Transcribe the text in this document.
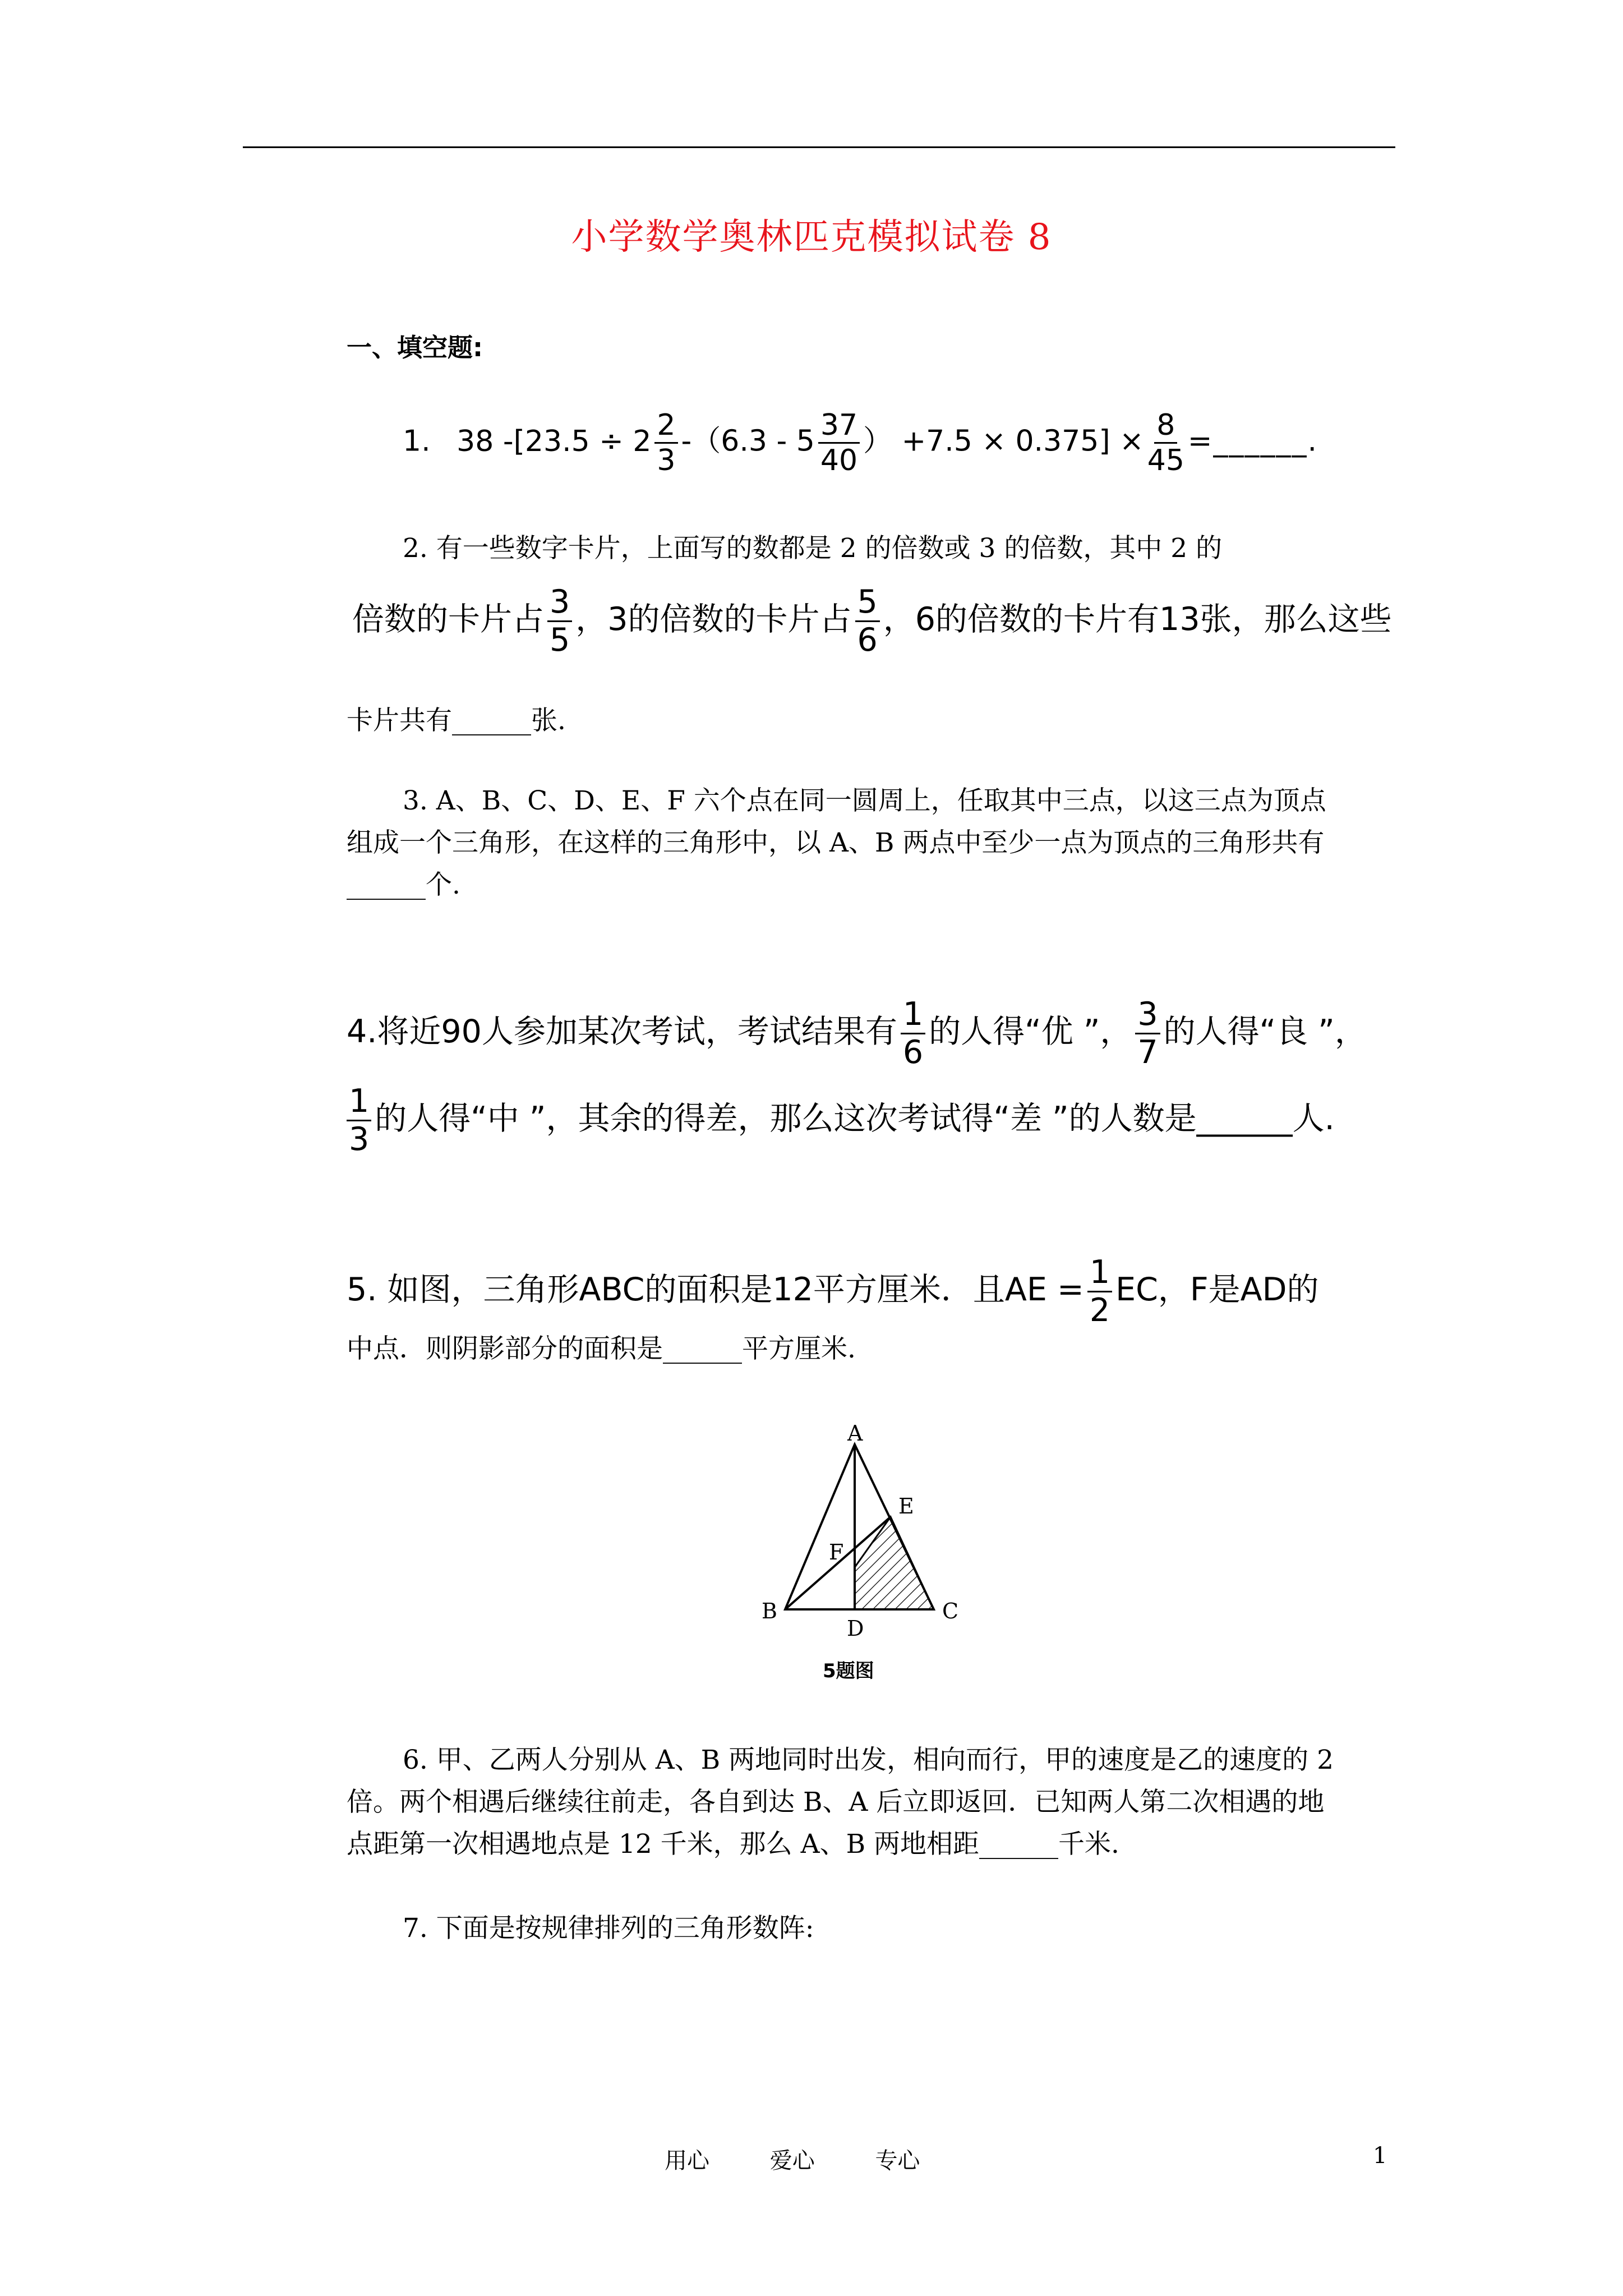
小学数学奥林匹克模拟试卷 8
一、填空题:
1. 38 $-[23.5 \div 2 \frac{2}{3} -(6.3 - 5 \frac{37}{40}$ ） $+7.5 \times 0.375] \times \frac{8}{45}$ =______.
2. 有一些数字卡片，上面写的数都是 2 的倍数或 3 的倍数，其中 2 的
倍数的卡片占 $\frac{3}{5}$ ，3的倍数的卡片占 $\frac{5}{6}$ ，6的倍数的卡片有13张，那么这些
卡片共有______张.
3. A、B、C、D、E、F 六个点在同一圆周上，任取其中三点，以这三点为顶点
组成一个三角形，在这样的三角形中，以 A、B 两点中至少一点为顶点的三角形共有
______个.
4.将近90人参加某次考试，考试结果有 $\frac{1}{6}$ 的人得“优 ”， $\frac{3}{7}$ 的人得“良 ”，
$\frac{1}{3}$ 的人得“中 ”，其余的得差，那么这次考试得“差 ”的人数是______人.
5. 如图，三角形ABC的面积是12平方厘米．且AE = $\frac{1}{2}$ EC，F是AD的
中点．则阴影部分的面积是______平方厘米.
A
B	C
D
E
F
5题图
6. 甲、乙两人分别从 A、B 两地同时出发，相向而行，甲的速度是乙的速度的 2
倍。两个相遇后继续往前走，各自到达 B、A 后立即返回．已知两人第二次相遇的地
点距第一次相遇地点是 12 千米，那么 A、B 两地相距______千米.
7. 下面是按规律排列的三角形数阵:
用心	爱心	专心	1
